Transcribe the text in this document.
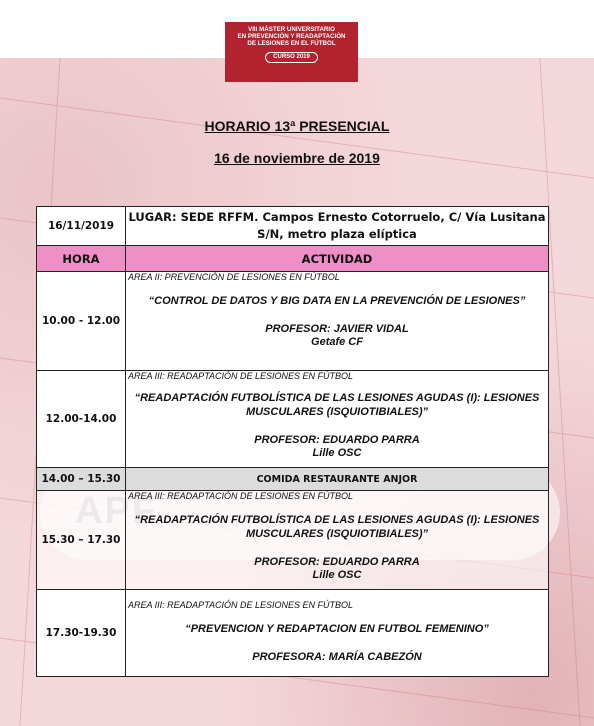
VIII MÁSTER UNIVERSITARIO
EN PREVENCIÓN Y READAPTACIÓN
DE LESIONES EN EL FÚTBOL
CURSO 2019
HORARIO 13ª PRESENCIAL
16 de noviembre de 2019
16/11/2019	LUGAR: SEDE RFFM. Campos Ernesto Cotorruelo, C/ Vía Lusitana S/N, metro plaza elíptica
HORA	ACTIVIDAD
10.00 - 12.00	AREA II: PREVENCIÓN DE LESIONES EN FÚTBOL
“CONTROL DE DATOS Y BIG DATA EN LA PREVENCIÓN DE LESIONES”
PROFESOR: JAVIER VIDAL
Getafe CF

12.00-14.00	AREA III: READAPTACIÓN DE LESIONES EN FÚTBOL
“READAPTACIÓN FUTBOLÍSTICA DE LAS LESIONES AGUDAS (I): LESIONES MUSCULARES (ISQUIOTIBIALES)”
PROFESOR: EDUARDO PARRA
Lille OSC

14.00 – 15.30	COMIDA RESTAURANTE ANJOR
15.30 – 17.30	AREA III: READAPTACIÓN DE LESIONES EN FÚTBOL
“READAPTACIÓN FUTBOLÍSTICA DE LAS LESIONES AGUDAS (I): LESIONES MUSCULARES (ISQUIOTIBIALES)”
PROFESOR: EDUARDO PARRA
Lille OSC

17.30-19.30	AREA III: READAPTACIÓN DE LESIONES EN FÚTBOL
“PREVENCION Y REDAPTACION EN FUTBOL FEMENINO”
PROFESORA: MARÍA CABEZÓN
